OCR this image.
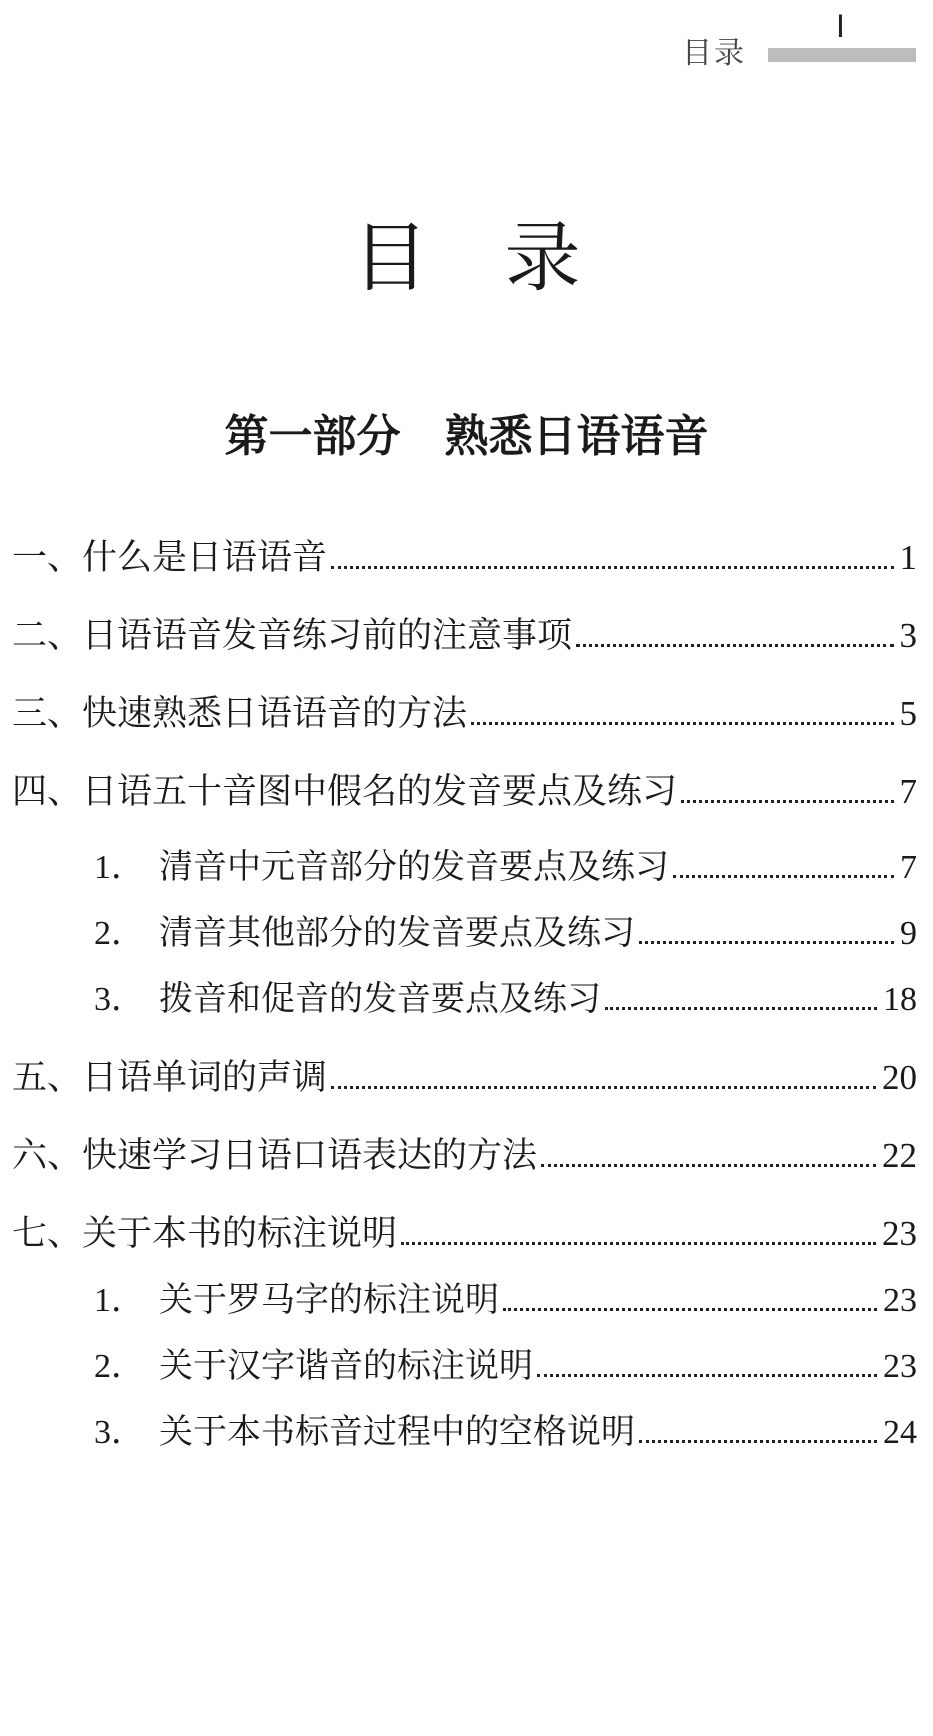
目录
I
目　录
第一部分　熟悉日语语音
一、什么是日语语音	1
二、日语语音发音练习前的注意事项	3
三、快速熟悉日语语音的方法	5
四、日语五十音图中假名的发音要点及练习	7
1． 清音中元音部分的发音要点及练习	7
2． 清音其他部分的发音要点及练习	9
3． 拨音和促音的发音要点及练习	18
五、日语单词的声调	20
六、快速学习日语口语表达的方法	22
七、关于本书的标注说明	23
1． 关于罗马字的标注说明	23
2． 关于汉字谐音的标注说明	23
3． 关于本书标音过程中的空格说明	24
